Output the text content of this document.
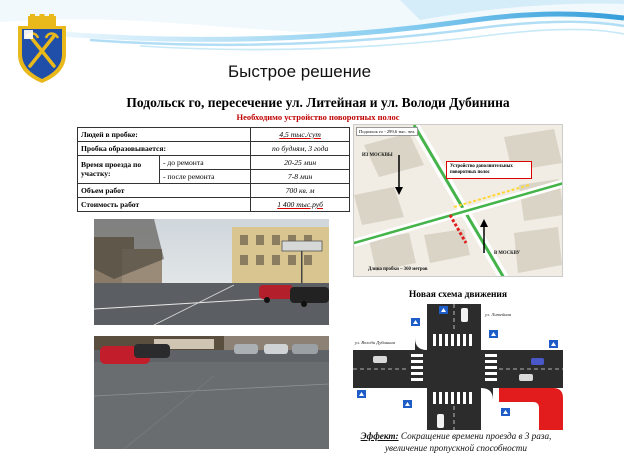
Быстрое решение
Подольск го, пересечение ул. Литейная и ул. Володи Дубинина
Необходимо устройство поворотных полос
Людей в пробке:		4,5 тыс./сут
Пробка образовывается:		по будням, 3 года
Время проезда по участку:	- до ремонта	20-25 мин
	- после ремонта	7-8 мин
Объем работ		700 кв. м
Стоимость работ		1 400 тыс.руб
Подольск го - 299,6 тыс. чел.
ИЗ МОСКВЫ
Устройство дополнительных поворотных полос
В МОСКВУ
Длина пробки – 360 метров
Новая схема движения
ул. Литейная
ул. Володи Дубинина
Эффект: Сокращение времени проезда в 3 раза, увеличение пропускной способности
